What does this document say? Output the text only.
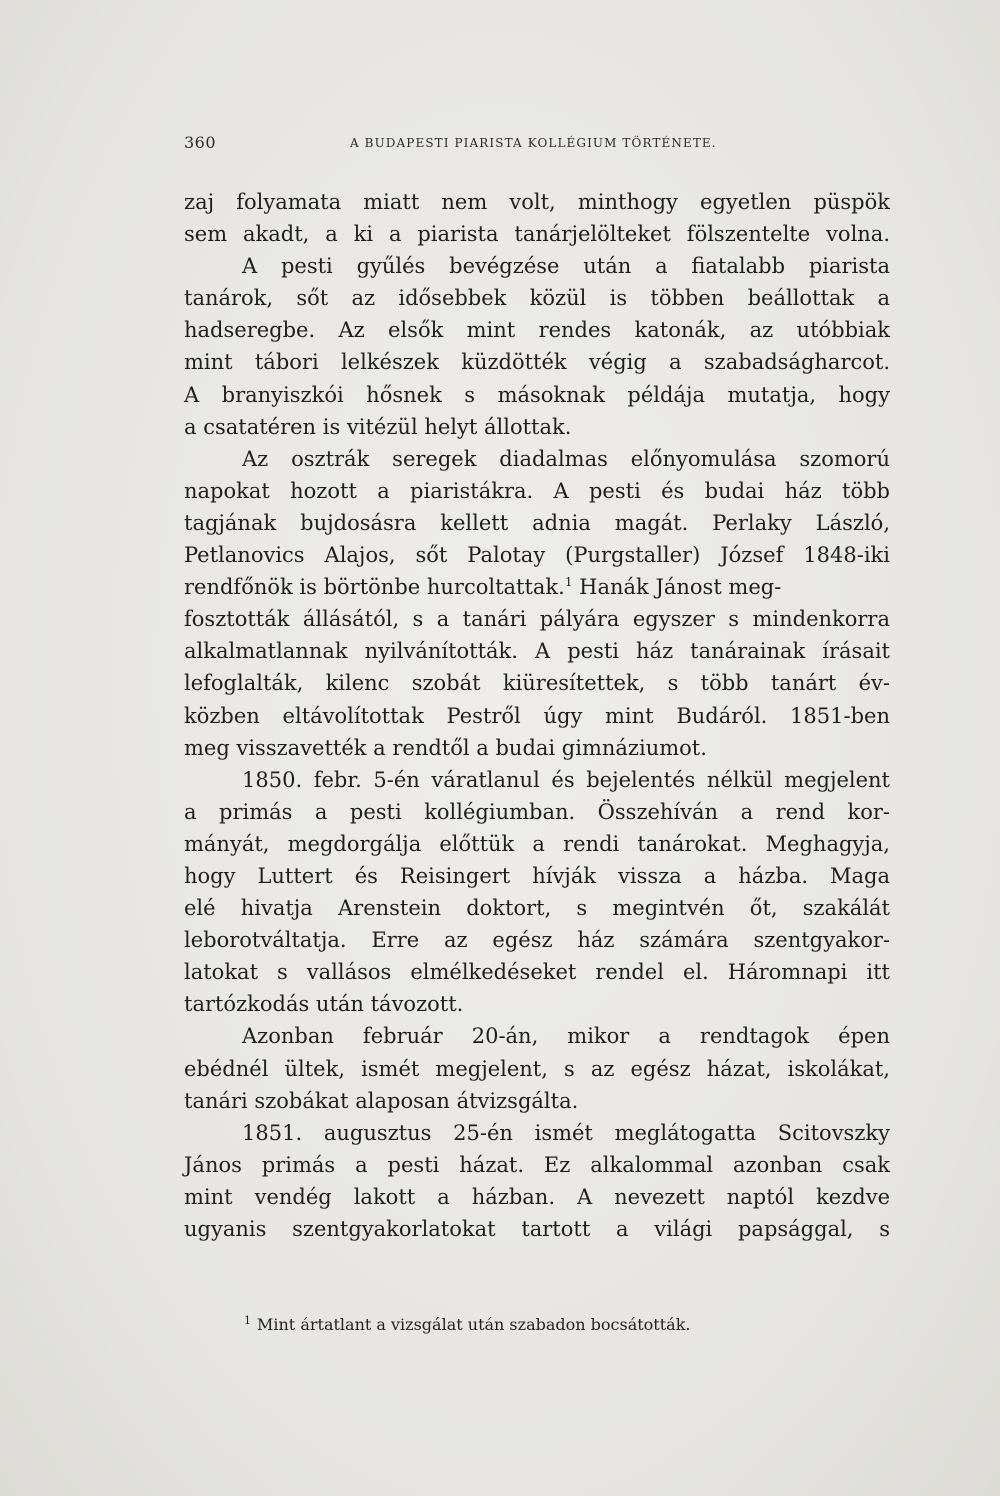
360	A BUDAPESTI PIARISTA KOLLÉGIUM TÖRTÉNETE.
zaj folyamata miatt nem volt, minthogy egyetlen püspök
sem akadt, a ki a piarista tanárjelölteket fölszentelte volna.
A pesti gyűlés bevégzése után a fiatalabb piarista
tanárok, sőt az idősebbek közül is többen beállottak a
hadseregbe. Az elsők mint rendes katonák, az utóbbiak
mint tábori lelkészek küzdötték végig a szabadságharcot.
A branyiszkói hősnek s másoknak példája mutatja, hogy
a csatatéren is vitézül helyt állottak.
Az osztrák seregek diadalmas előnyomulása szomorú
napokat hozott a piaristákra. A pesti és budai ház több
tagjának bujdosásra kellett adnia magát. Perlaky László,
Petlanovics Alajos, sőt Palotay (Purgstaller) József 1848-iki
rendfőnök is börtönbe hurcoltattak.$^1$ Hanák Jánost meg-
fosztották állásától, s a tanári pályára egyszer s mindenkorra
alkalmatlannak nyilvánították. A pesti ház tanárainak írásait
lefoglalták, kilenc szobát kiüresítettek, s több tanárt év-
közben eltávolítottak Pestről úgy mint Budáról. 1851-ben
meg visszavették a rendtől a budai gimnáziumot.
1850. febr. 5-én váratlanul és bejelentés nélkül megjelent
a primás a pesti kollégiumban. Összehíván a rend kor-
mányát, megdorgálja előttük a rendi tanárokat. Meghagyja,
hogy Luttert és Reisingert hívják vissza a házba. Maga
elé hivatja Arenstein doktort, s megintvén őt, szakálát
leborotváltatja. Erre az egész ház számára szentgyakor-
latokat s vallásos elmélkedéseket rendel el. Háromnapi itt
tartózkodás után távozott.
Azonban február 20-án, mikor a rendtagok épen
ebédnél ültek, ismét megjelent, s az egész házat, iskolákat,
tanári szobákat alaposan átvizsgálta.
1851. augusztus 25-én ismét meglátogatta Scitovszky
János primás a pesti házat. Ez alkalommal azonban csak
mint vendég lakott a házban. A nevezett naptól kezdve
ugyanis szentgyakorlatokat tartott a világi papsággal, s
$^1$ Mint ártatlant a vizsgálat után szabadon bocsátották.
